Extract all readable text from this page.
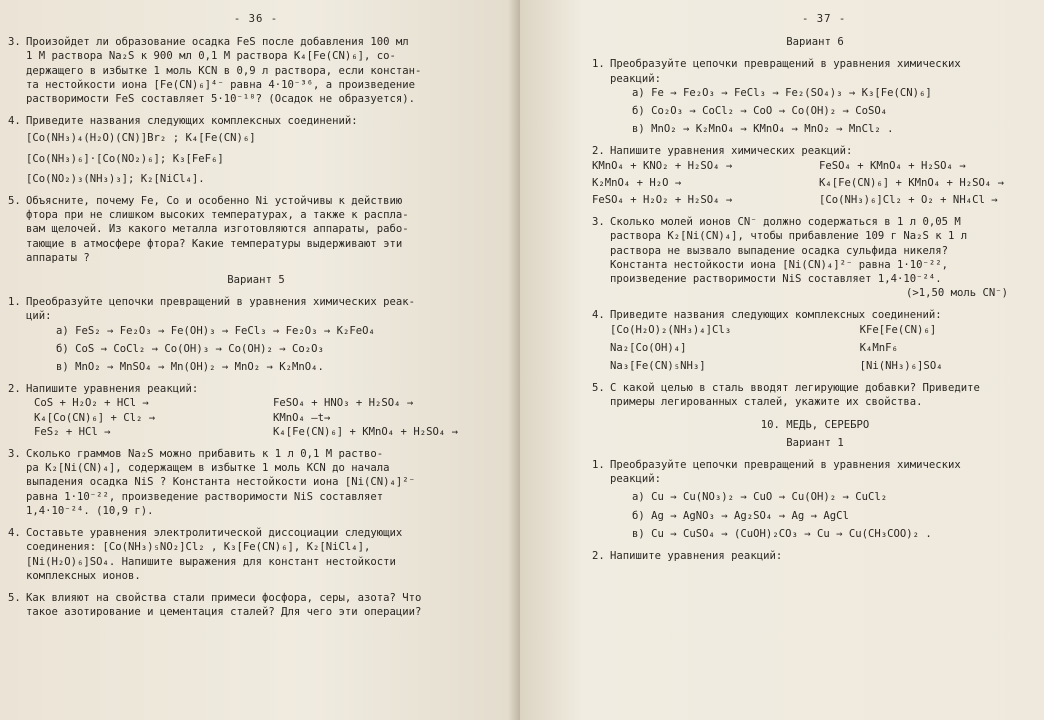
- 36 -
3. Произойдет ли образование осадка FeS после добавления 100 мл
1 М раствора Na₂S к 900 мл 0,1 М раствора K₄[Fe(CN)₆], со-
держащего в избытке 1 моль KCN в 0,9 л раствора, если констан-
та нестойкости иона [Fe(CN)₆]⁴⁻ равна 4·10⁻³⁶, а произведение
растворимости FeS составляет 5·10⁻¹⁸? (Осадок не образуется).
4. Приведите названия следующих комплексных соединений:
[Co(NH₃)₄(H₂O)(CN)]Br₂ ; K₄[Fe(CN)₆]
[Co(NH₃)₆]·[Co(NO₂)₆]; K₃[FeF₆]
[Co(NO₂)₃(NH₃)₃]; K₂[NiCl₄].
5. Объясните, почему Fe, Co и особенно Ni устойчивы к действию
фтора при не слишком высоких температурах, а также к распла-
вам щелочей. Из какого металла изготовляются аппараты, рабо-
тающие в атмосфере фтора? Какие температуры выдерживают эти
аппараты ?
Вариант 5
1. Преобразуйте цепочки превращений в уравнения химических реак-
ций:
а) FeS₂ → Fe₂O₃ → Fe(OH)₃ → FeCl₃ → Fe₂O₃ → K₂FeO₄
б) CoS → CoCl₂ → Co(OH)₃ → Co(OH)₂ → Co₂O₃
в) MnO₂ → MnSO₄ → Mn(OH)₂ → MnO₂ → K₂MnO₄.
2. Напишите уравнения реакций:
CoS + H₂O₂ + HCl →	FeSO₄ + HNO₃ + H₂SO₄ →
K₄[Co(CN)₆] + Cl₂ →	KMnO₄ —t→
FeS₂ + HCl →	K₄[Fe(CN)₆] + KMnO₄ + H₂SO₄ →
3. Сколько граммов Na₂S можно прибавить к 1 л 0,1 М раство-
ра K₂[Ni(CN)₄], содержащем в избытке 1 моль KCN до начала
выпадения осадка NiS ? Константа нестойкости иона [Ni(CN)₄]²⁻
равна 1·10⁻²², произведение растворимости NiS составляет
1,4·10⁻²⁴. (10,9 г).
4. Составьте уравнения электролитической диссоциации следующих
соединения: [Co(NH₃)₅NO₂]Cl₂ , K₃[Fe(CN)₆], K₂[NiCl₄],
[Ni(H₂O)₆]SO₄. Напишите выражения для констант нестойкости
комплексных ионов.
5. Как влияют на свойства стали примеси фосфора, серы, азота? Что
такое азотирование и цементация сталей? Для чего эти операции?
- 37 -
Вариант 6
1. Преобразуйте цепочки превращений в уравнения химических
реакций:
а) Fe → Fe₂O₃ → FeCl₃ → Fe₂(SO₄)₃ → K₃[Fe(CN)₆]
б) Co₂O₃ → CoCl₂ → CoO → Co(OH)₂ → CoSO₄
в) MnO₂ → K₂MnO₄ → KMnO₄ → MnO₂ → MnCl₂ .
2. Напишите уравнения химических реакций:
KMnO₄ + KNO₂ + H₂SO₄ →	FeSO₄ + KMnO₄ + H₂SO₄ →
K₂MnO₄ + H₂O →	K₄[Fe(CN)₆] + KMnO₄ + H₂SO₄ →
FeSO₄ + H₂O₂ + H₂SO₄ →	[Co(NH₃)₆]Cl₂ + O₂ + NH₄Cl →
3. Сколько молей ионов CN⁻ должно содержаться в 1 л 0,05 М
раствора K₂[Ni(CN)₄], чтобы прибавление 109 г Na₂S к 1 л
раствора не вызвало выпадение осадка сульфида никеля?
Константа нестойкости иона [Ni(CN)₄]²⁻ равна 1·10⁻²²,
произведение растворимости NiS составляет 1,4·10⁻²⁴.
(>1,50 моль CN⁻)
4. Приведите названия следующих комплексных соединений:
[Co(H₂O)₂(NH₃)₄]Cl₃	KFe[Fe(CN)₆]
Na₂[Co(OH)₄]	K₄MnF₆
Na₃[Fe(CN)₅NH₃]	[Ni(NH₃)₆]SO₄
5. С какой целью в сталь вводят легирующие добавки? Приведите
примеры легированных сталей, укажите их свойства.
10. МЕДЬ, СЕРЕБРО
Вариант 1
1. Преобразуйте цепочки превращений в уравнения химических
реакций:
а) Cu → Cu(NO₃)₂ → CuO → Cu(OH)₂ → CuCl₂
б) Ag → AgNO₃ → Ag₂SO₄ → Ag → AgCl
в) Cu → CuSO₄ → (CuOH)₂CO₃ → Cu → Cu(CH₃COO)₂ .
2. Напишите уравнения реакций:
